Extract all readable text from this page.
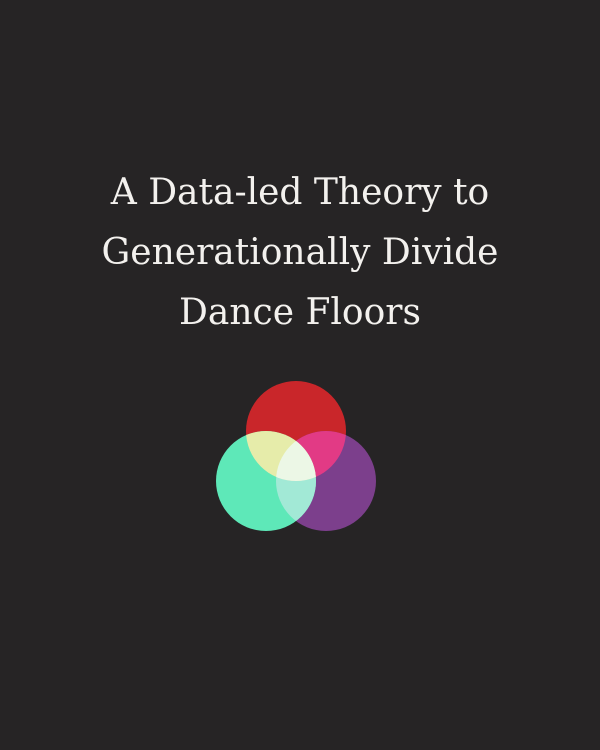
A Data-led Theory to
Generationally Divide
Dance Floors
